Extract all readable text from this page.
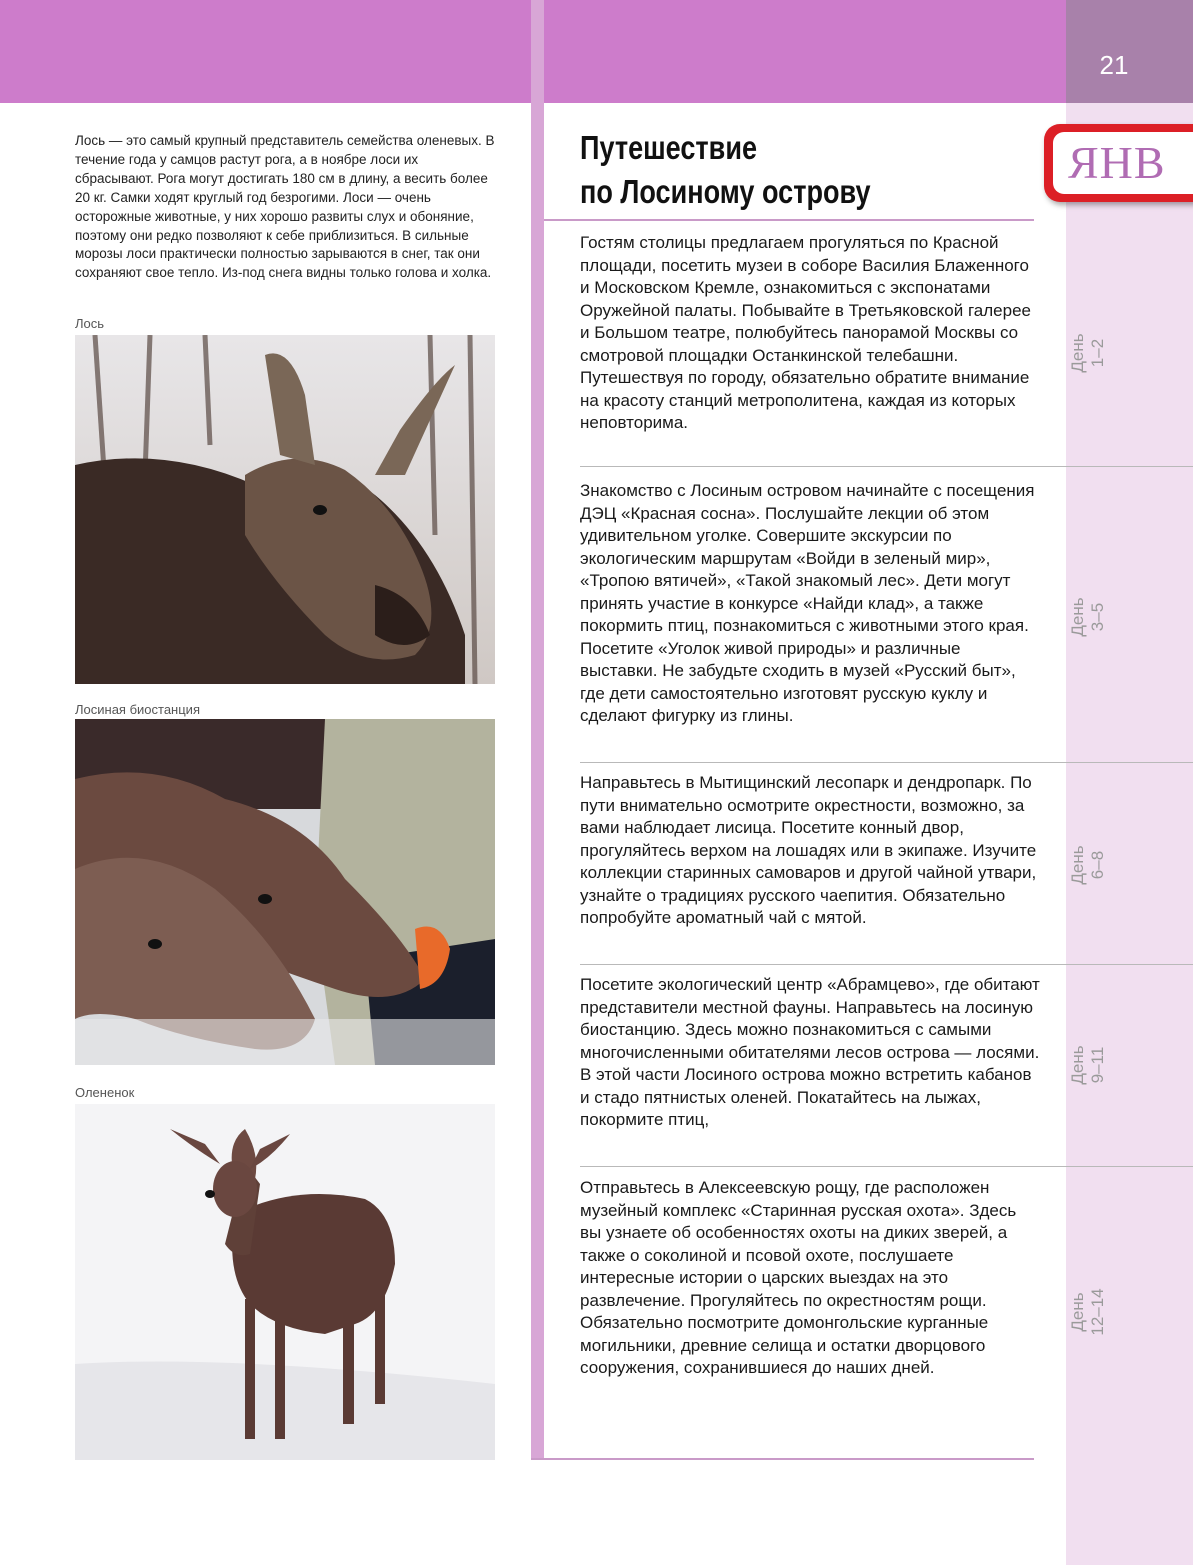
21
ЯНВ

Лось — это самый крупный представитель семейства оленевых. В течение года у самцов растут рога, а в ноябре лоси их сбрасывают. Рога могут достигать 180 см в длину, а весить более 20 кг. Самки ходят круглый год безрогими. Лоси — очень осторожные животные, у них хорошо развиты слух и обоняние, поэтому они редко позволяют к себе приблизиться. В сильные морозы лоси практически полностью зарываются в снег, так они сохраняют свое тепло. Из-под снега видны только голова и холка.

Лось
Лосиная биостанция
Олененок
Путешествие
по Лосиному острову

Гостям столицы предлагаем прогуляться по Красной площади, посетить музеи в соборе Василия Блаженного и Московском Кремле, ознакомиться с экспонатами Оружейной палаты. Побывайте в Третьяковской галерее и Большом театре, полюбуйтесь панорамой Москвы со смотровой площадки Останкинской телебашни. Путешествуя по городу, обязательно обратите внимание на красоту станций метрополитена, каждая из которых неповторима.

День
1–2

Знакомство с Лосиным островом начинайте с посещения ДЭЦ «Красная сосна». Послушайте лекции об этом удивительном уголке. Совершите экскурсии по экологическим маршрутам «Войди в зеленый мир», «Тропою вятичей», «Такой знакомый лес». Дети могут принять участие в конкурсе «Найди клад», а также покормить птиц, познакомиться с животными этого края. Посетите «Уголок живой природы» и различные выставки. Не забудьте сходить в музей «Русский быт», где дети самостоятельно изготовят русскую куклу и сделают фигурку из глины.

День
3–5

Направьтесь в Мытищинский лесопарк и дендропарк. По пути внимательно осмотрите окрестности, возможно, за вами наблюдает лисица. Посетите конный двор, прогуляйтесь верхом на лошадях или в экипаже. Изучите коллекции старинных самоваров и другой чайной утвари, узнайте о традициях русского чаепития. Обязательно попробуйте ароматный чай с мятой.

День
6–8

Посетите экологический центр «Абрамцево», где обитают представители местной фауны. Направьтесь на лосиную биостанцию. Здесь можно познакомиться с самыми многочисленными обитателями лесов острова — лосями. В этой части Лосиного острова можно встретить кабанов и стадо пятнистых оленей. Покатайтесь на лыжах, покормите птиц,

День
9–11

Отправьтесь в Алексеевскую рощу, где расположен музейный комплекс «Старинная русская охота». Здесь вы узнаете об особенностях охоты на диких зверей, а также о соколиной и псовой охоте, послушаете интересные истории о царских выездах на это развлечение. Прогуляйтесь по окрестностям рощи. Обязательно посмотрите домонгольские курганные могильники, древние селища и остатки дворцового сооружения, сохранившиеся до наших дней.

День
12–14
